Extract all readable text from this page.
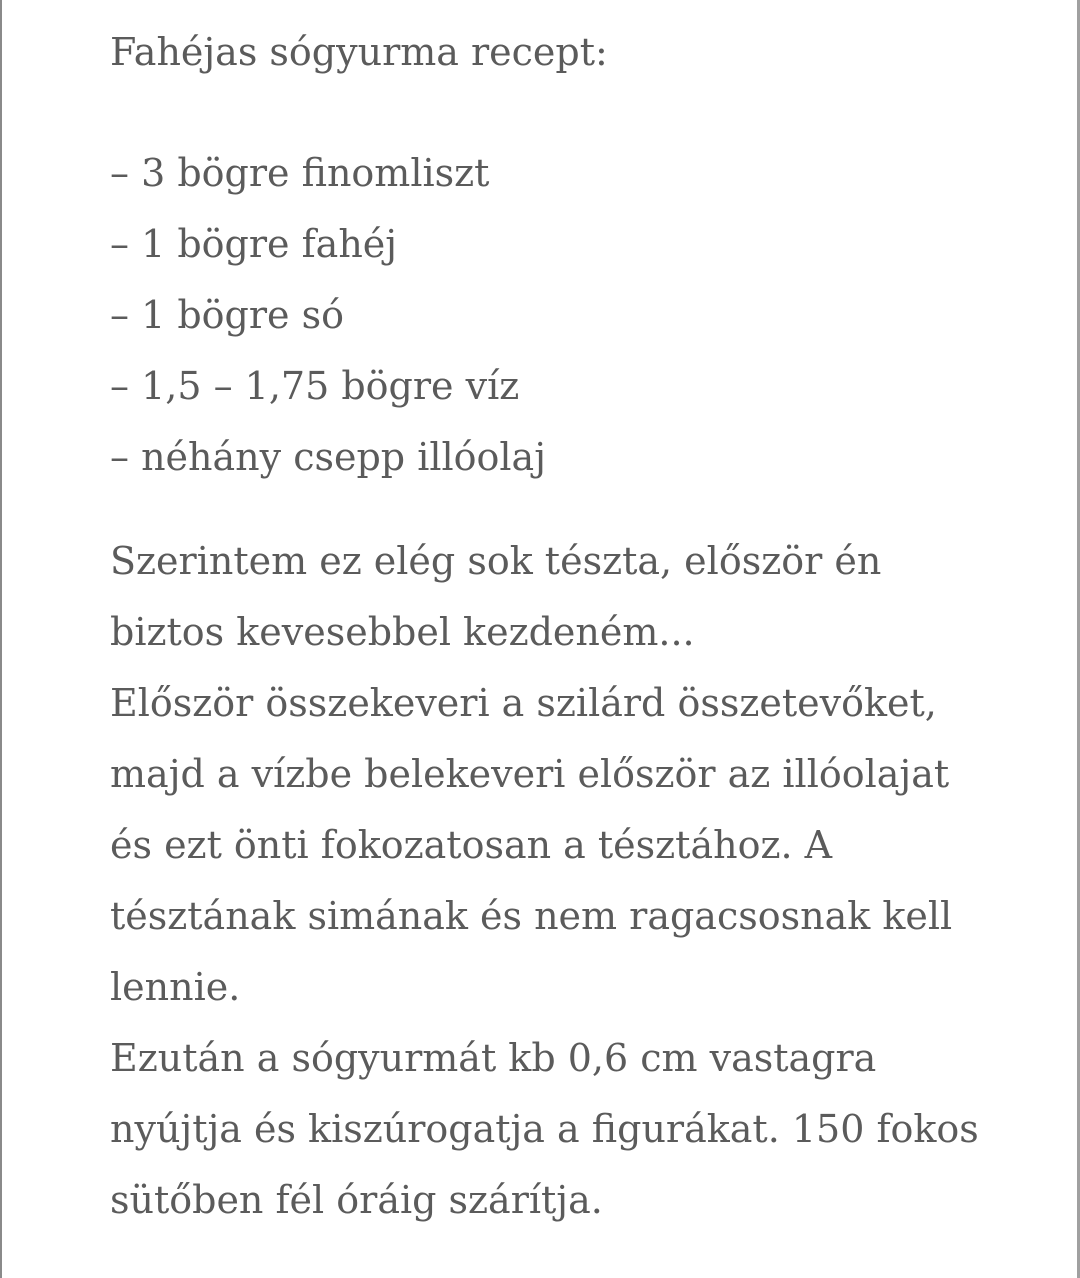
Fahéjas sógyurma recept:
– 3 bögre finomliszt
– 1 bögre fahéj
– 1 bögre só
– 1,5 – 1,75 bögre víz
– néhány csepp illóolaj
Szerintem ez elég sok tészta, először én
biztos kevesebbel kezdeném...
Először összekeveri a szilárd összetevőket,
majd a vízbe belekeveri először az illóolajat
és ezt önti fokozatosan a tésztához. A
tésztának simának és nem ragacsosnak kell
lennie.
Ezután a sógyurmát kb 0,6 cm vastagra
nyújtja és kiszúrogatja a figurákat. 150 fokos
sütőben fél óráig szárítja.
